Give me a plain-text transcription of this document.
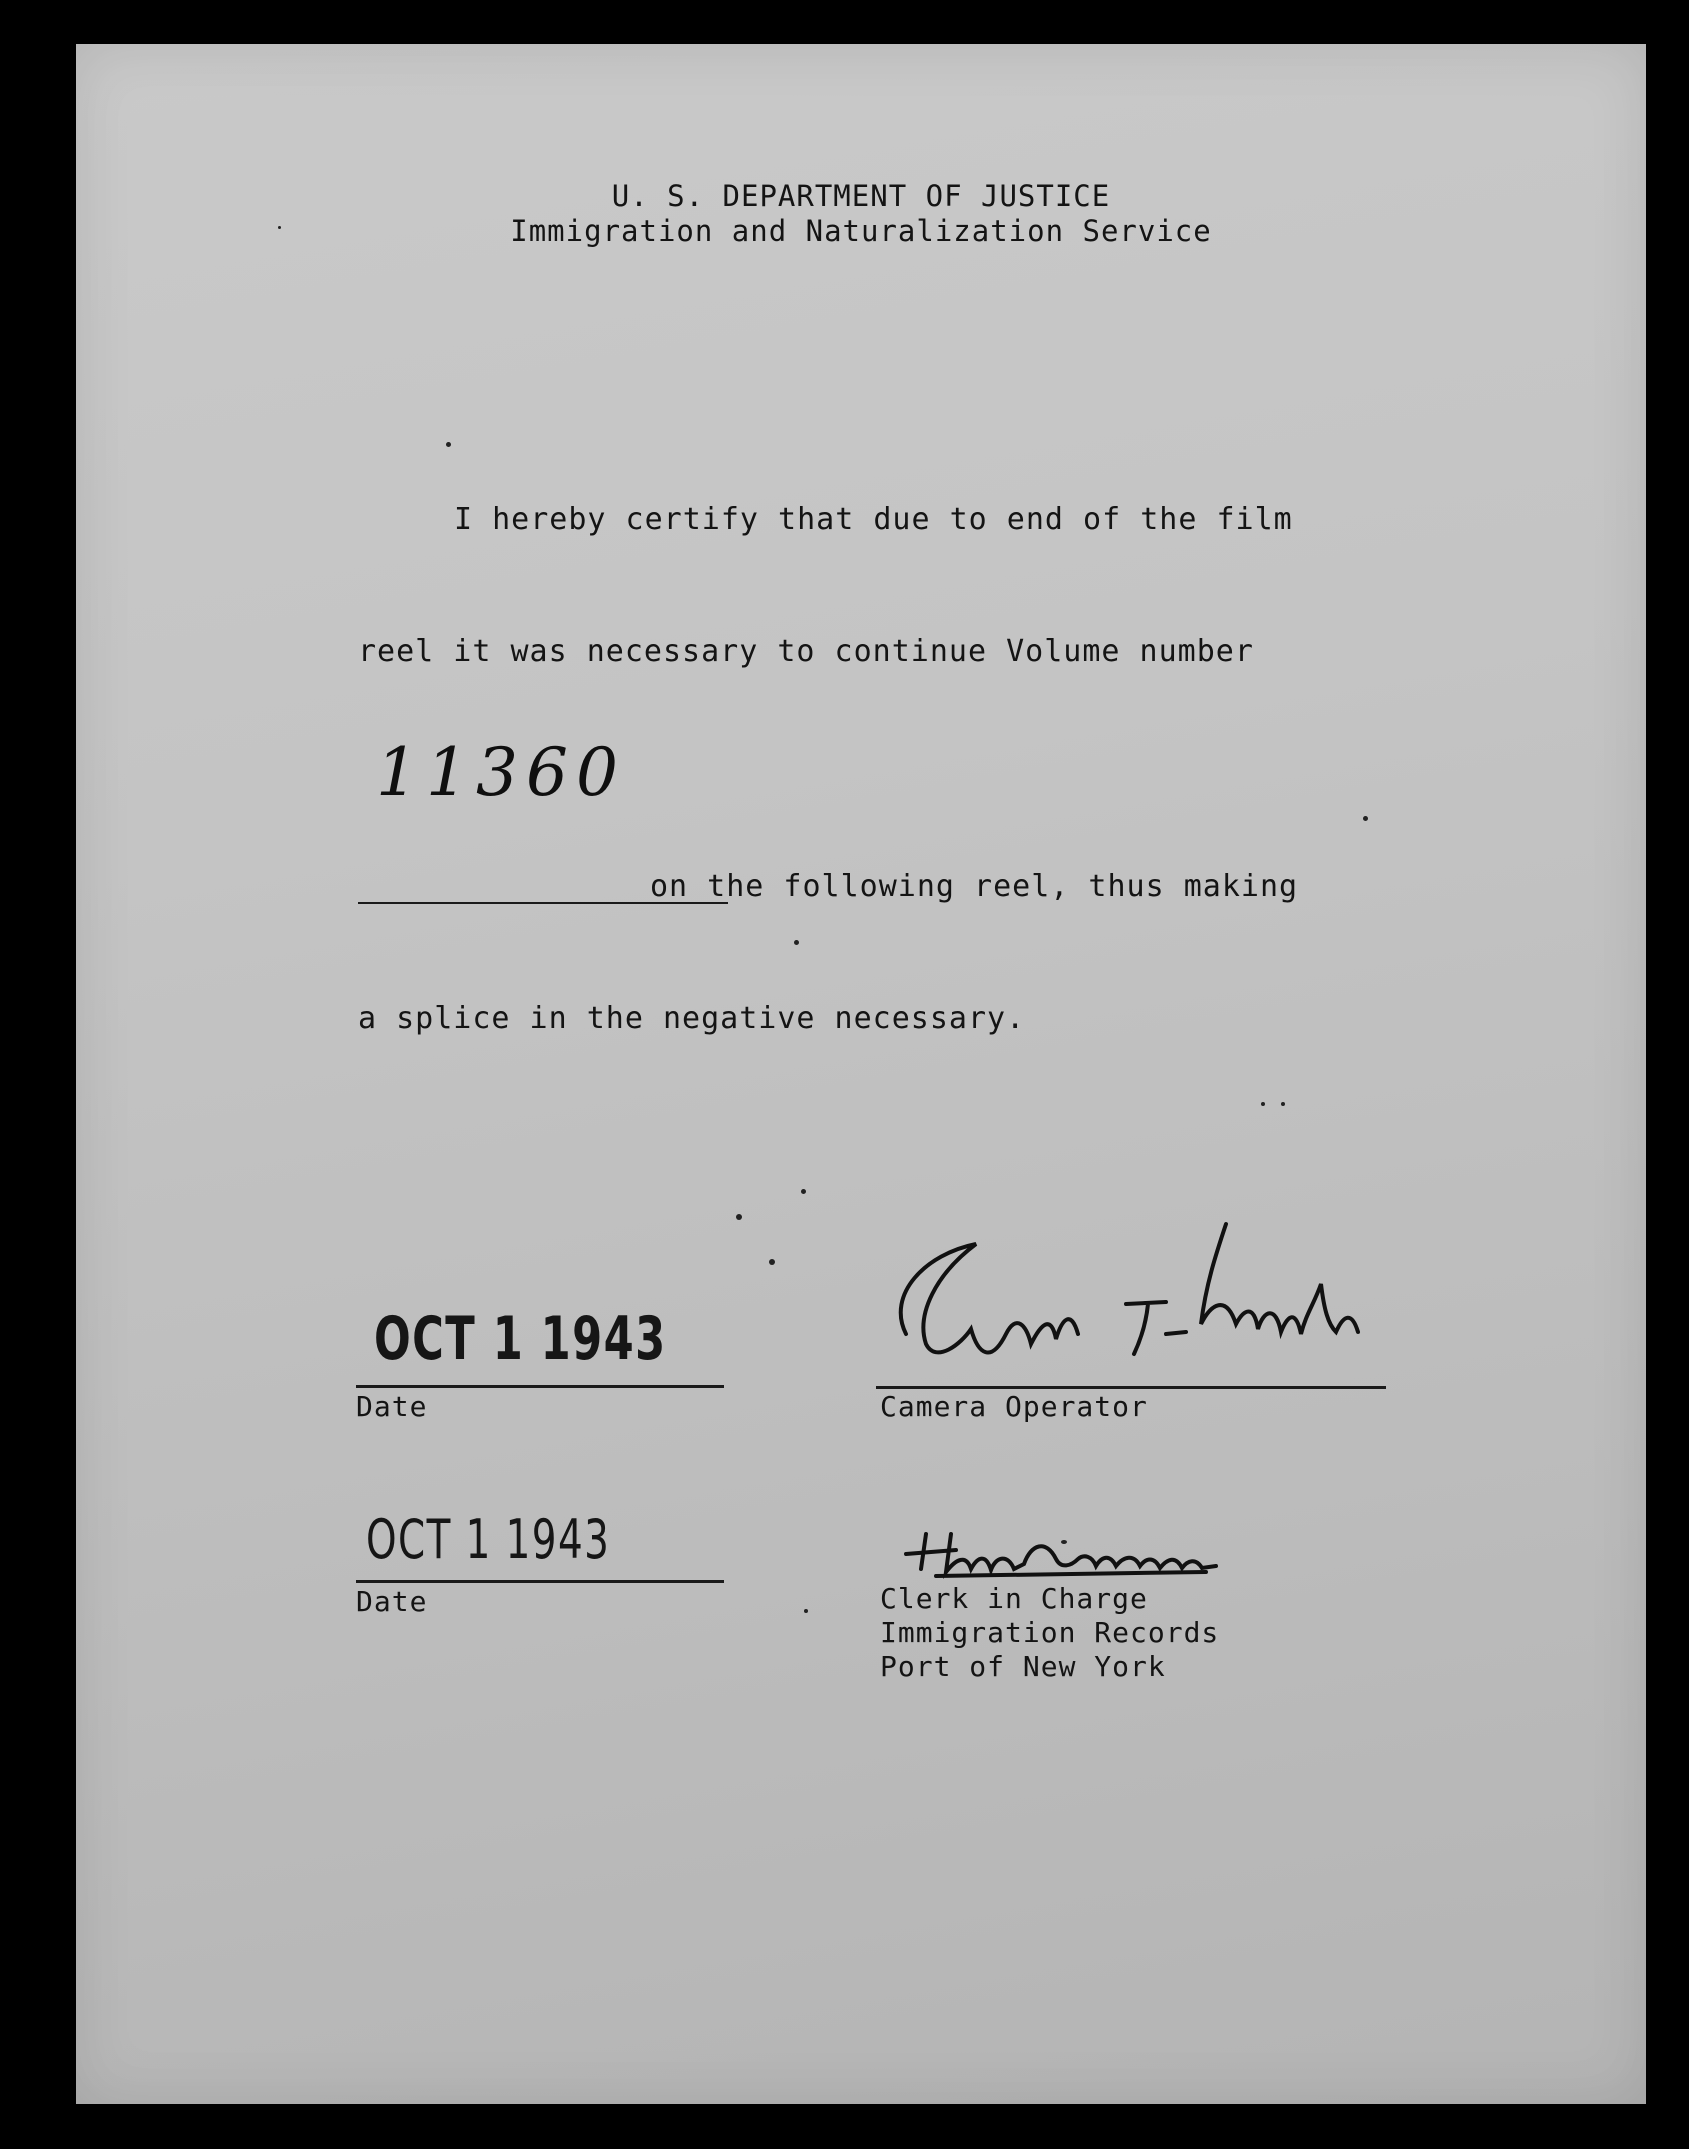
U. S. DEPARTMENT OF JUSTICE
Immigration and Naturalization Service
I hereby certify that due to end of the film
reel it was necessary to continue Volume number
11360
on the following reel, thus making
a splice in the negative necessary.
OCT 1 1943
Date	Camera Operator
OCT 1 1943
Date	Clerk in Charge
Immigration Records
Port of New York
